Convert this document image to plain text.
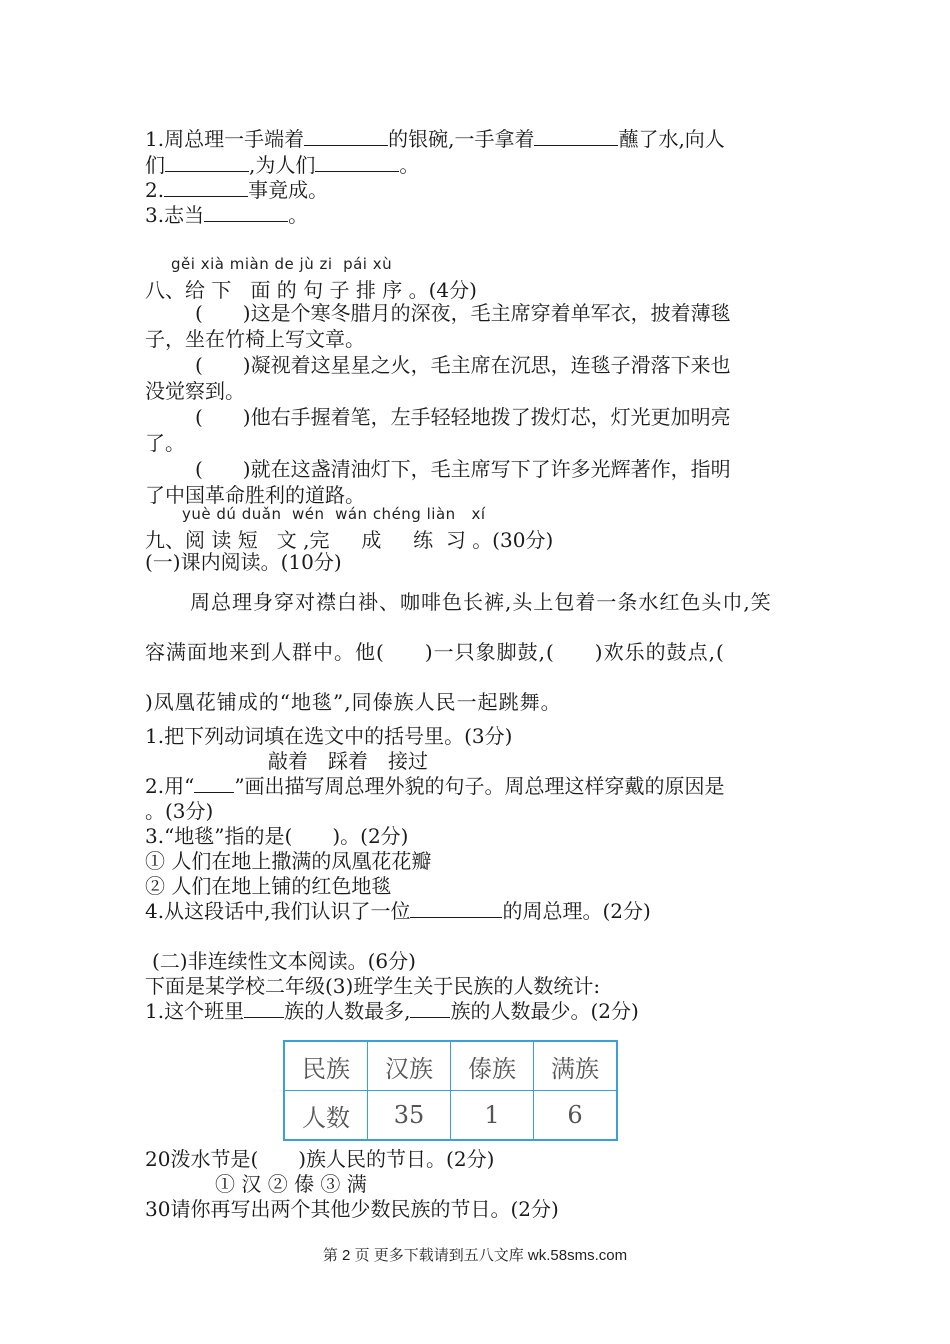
1.周总理一手端着	的银碗,一手拿着	蘸了水,向人
们	,为人们	。
2.	事竟成。
3.志当	。
gěi xià miàn de jù zi pái xù
八、给 下 面 的 句 子 排 序 。(4分)
(　　)这是个寒冬腊月的深夜，毛主席穿着单军衣，披着薄毯
子，坐在竹椅上写文章。
(　　)凝视着这星星之火，毛主席在沉思，连毯子滑落下来也
没觉察到。
(　　)他右手握着笔，左手轻轻地拨了拨灯芯，灯光更加明亮
了。
(　　)就在这盏清油灯下，毛主席写下了许多光辉著作，指明
了中国革命胜利的道路。
yuè dú duǎn wén wán chéng liàn xí
九、阅 读 短 文 ,完 成 练 习 。(30分)
(一)课内阅读。(10分)
周总理身穿对襟白褂、咖啡色长裤,头上包着一条水红色头巾,笑
容满面地来到人群中。他( )一只象脚鼓,( )欢乐的鼓点,(
)凤凰花铺成的“地毯”,同傣族人民一起跳舞。
1.把下列动词填在选文中的括号里。(3分)
敲着　踩着　接过
2.用“ ”画出描写周总理外貌的句子。周总理这样穿戴的原因是
。(3分)
3.“地毯”指的是(　　)。(2分)
① 人们在地上撒满的凤凰花花瓣
② 人们在地上铺的红色地毯
4.从这段话中,我们认识了一位	的周总理。(2分)
(二)非连续性文本阅读。(6分)
下面是某学校二年级(3)班学生关于民族的人数统计:
1.这个班里 族的人数最多, 族的人数最少。(2分)
民族	汉族	傣族	满族
人数	35	1	6
20泼水节是(　　)族人民的节日。(2分)
① 汉 ② 傣 ③ 满
30请你再写出两个其他少数民族的节日。(2分)
第 2 页 更多下载请到五八文库 wk.58sms.com
